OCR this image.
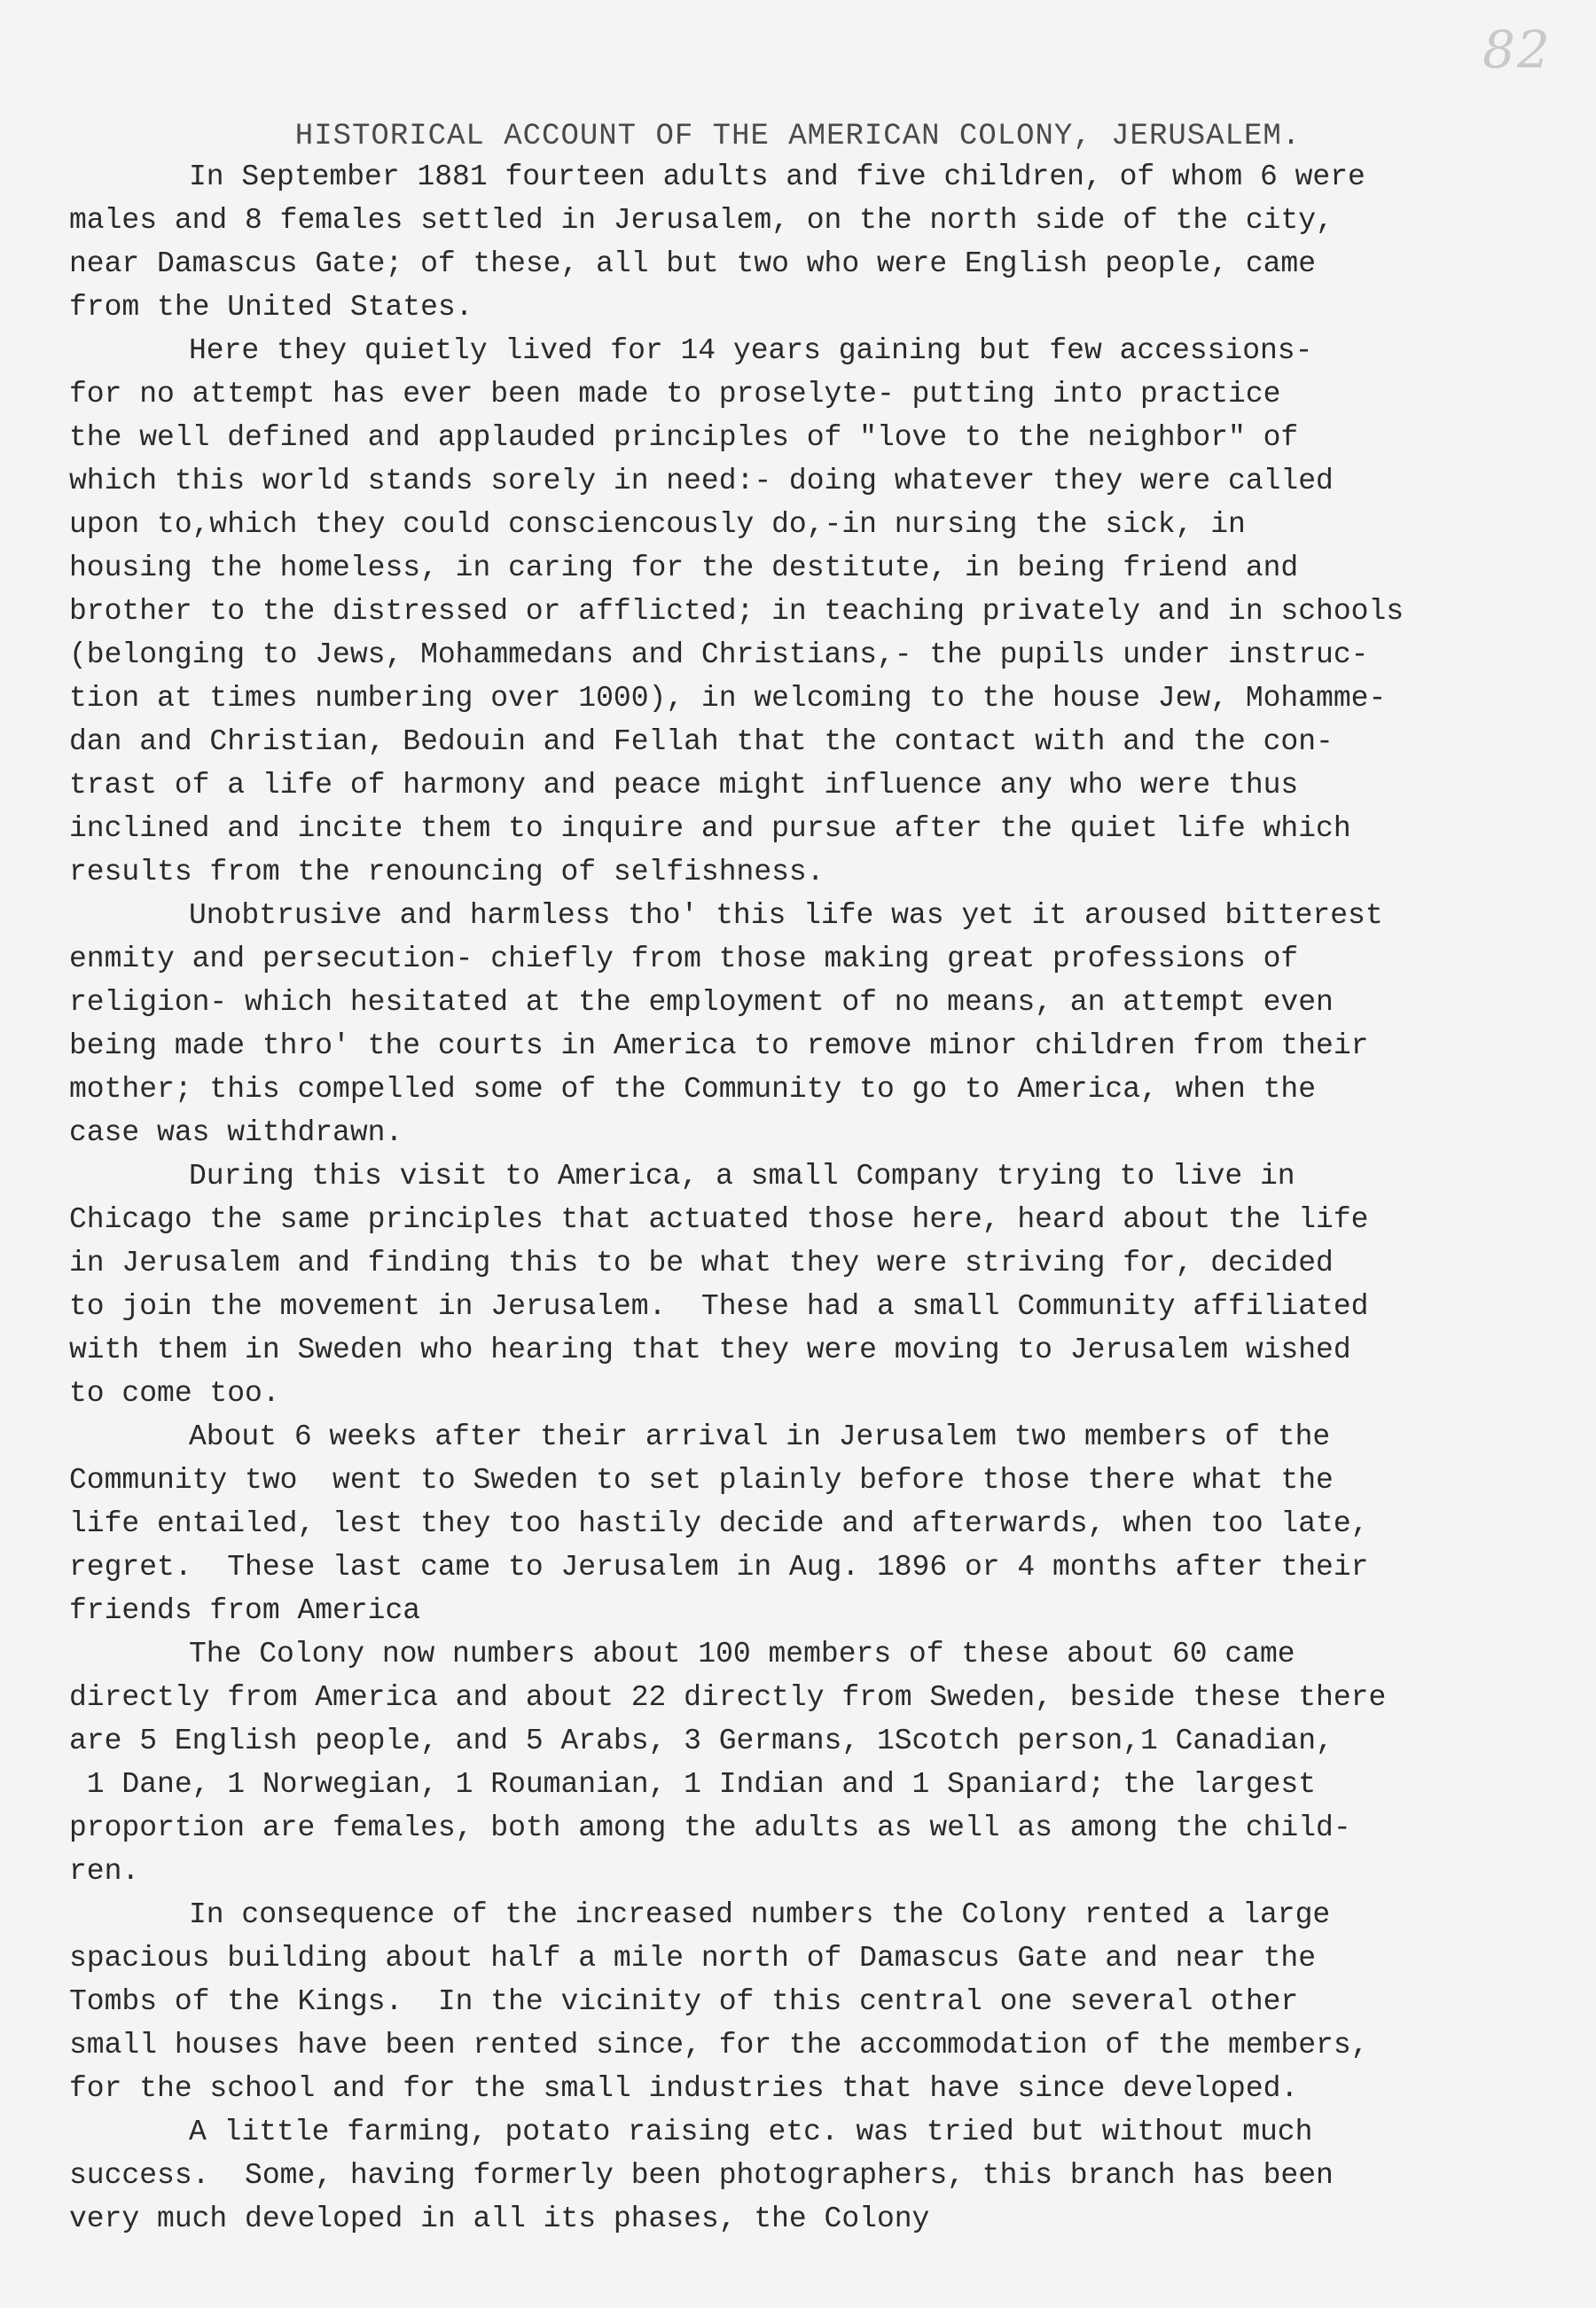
82
HISTORICAL ACCOUNT OF THE AMERICAN COLONY, JERUSALEM.
In September 1881 fourteen adults and five children, of whom 6 were
males and 8 females settled in Jerusalem, on the north side of the city,
near Damascus Gate; of these, all but two who were English people, came
from the United States.
Here they quietly lived for 14 years gaining but few accessions-
for no attempt has ever been made to proselyte- putting into practice
the well defined and applauded principles of "love to the neighbor" of
which this world stands sorely in need:- doing whatever they were called
upon to,which they could consciencously do,-in nursing the sick, in
housing the homeless, in caring for the destitute, in being friend and
brother to the distressed or afflicted; in teaching privately and in schools
(belonging to Jews, Mohammedans and Christians,- the pupils under instruc-
tion at times numbering over 1000), in welcoming to the house Jew, Mohamme-
dan and Christian, Bedouin and Fellah that the contact with and the con-
trast of a life of harmony and peace might influence any who were thus
inclined and incite them to inquire and pursue after the quiet life which
results from the renouncing of selfishness.
Unobtrusive and harmless tho' this life was yet it aroused bitterest
enmity and persecution- chiefly from those making great professions of
religion- which hesitated at the employment of no means, an attempt even
being made thro' the courts in America to remove minor children from their
mother; this compelled some of the Community to go to America, when the
case was withdrawn.
During this visit to America, a small Company trying to live in
Chicago the same principles that actuated those here, heard about the life
in Jerusalem and finding this to be what they were striving for, decided
to join the movement in Jerusalem.  These had a small Community affiliated
with them in Sweden who hearing that they were moving to Jerusalem wished
to come too.
About 6 weeks after their arrival in Jerusalem two members of the
Community two  went to Sweden to set plainly before those there what the
life entailed, lest they too hastily decide and afterwards, when too late,
regret.  These last came to Jerusalem in Aug. 1896 or 4 months after their
friends from America
The Colony now numbers about 100 members of these about 60 came
directly from America and about 22 directly from Sweden, beside these there
are 5 English people, and 5 Arabs, 3 Germans, 1Scotch person,1 Canadian,
1 Dane, 1 Norwegian, 1 Roumanian, 1 Indian and 1 Spaniard; the largest
proportion are females, both among the adults as well as among the child-
ren.
In consequence of the increased numbers the Colony rented a large
spacious building about half a mile north of Damascus Gate and near the
Tombs of the Kings.  In the vicinity of this central one several other
small houses have been rented since, for the accommodation of the members,
for the school and for the small industries that have since developed.
A little farming, potato raising etc. was tried but without much
success.  Some, having formerly been photographers, this branch has been
very much developed in all its phases, the Colony
